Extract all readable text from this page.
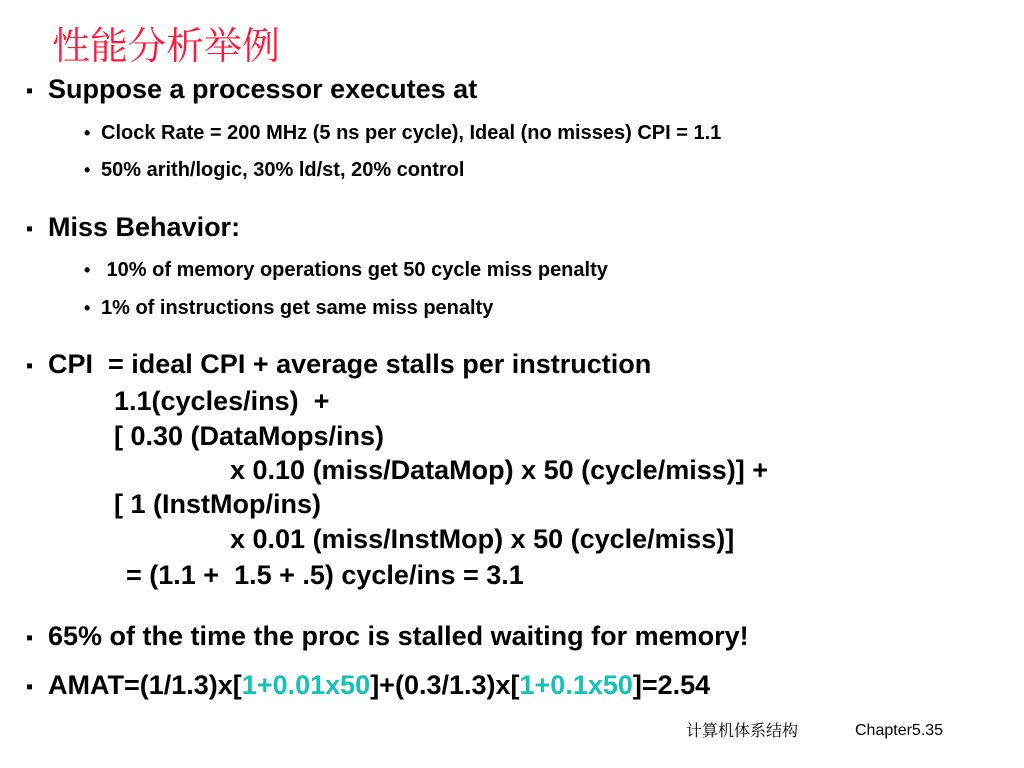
性能分析举例
▪ Suppose a processor executes at
• Clock Rate = 200 MHz (5 ns per cycle), Ideal (no misses) CPI = 1.1
• 50% arith/logic, 30% ld/st, 20% control
▪ Miss Behavior:
• 10% of memory operations get 50 cycle miss penalty
• 1% of instructions get same miss penalty
▪ CPI  = ideal CPI + average stalls per instruction
1.1(cycles/ins)  +
[ 0.30 (DataMops/ins)
x 0.10 (miss/DataMop) x 50 (cycle/miss)] +
[ 1 (InstMop/ins)
x 0.01 (miss/InstMop) x 50 (cycle/miss)]
= (1.1 +  1.5 + .5) cycle/ins = 3.1
▪ 65% of the time the proc is stalled waiting for memory!
▪ AMAT=(1/1.3)x[1+0.01x50]+(0.3/1.3)x[1+0.1x50]=2.54
计算机体系结构	Chapter5.35
